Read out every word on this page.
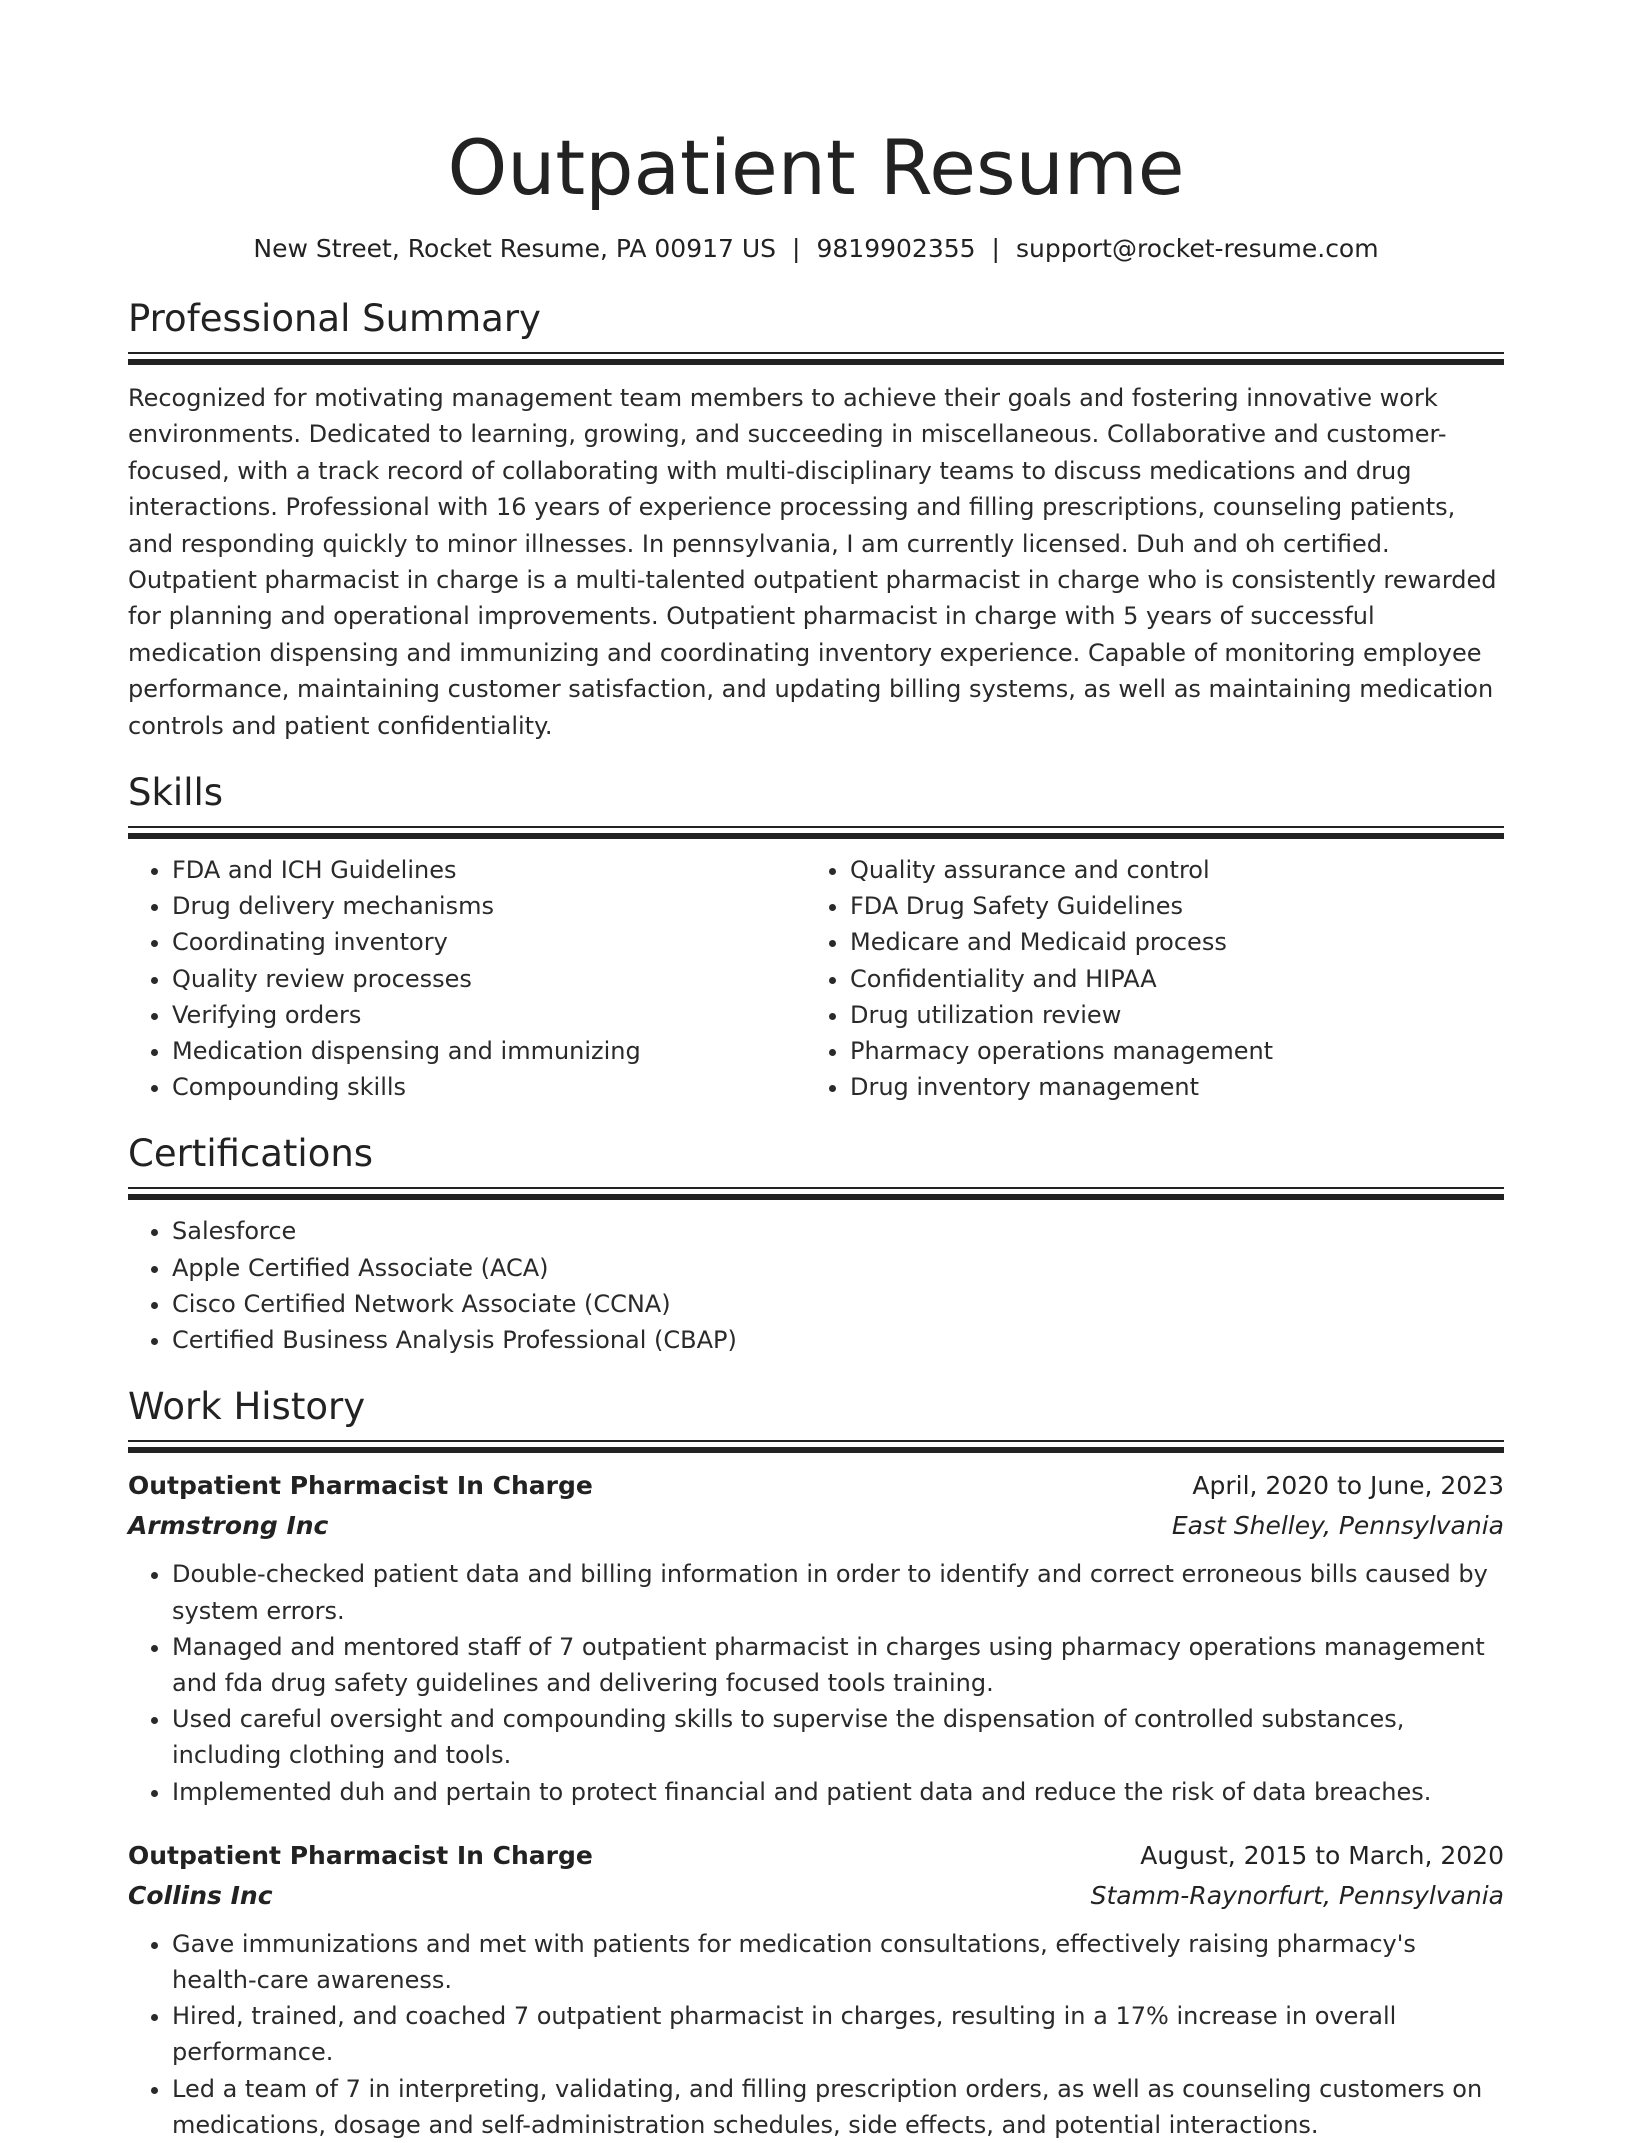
Outpatient Resume
New Street, Rocket Resume, PA 00917 US | 9819902355 | support@rocket-resume.com
Professional Summary
Recognized for motivating management team members to achieve their goals and fostering innovative work environments. Dedicated to learning, growing, and succeeding in miscellaneous. Collaborative and customer-focused, with a track record of collaborating with multi-disciplinary teams to discuss medications and drug interactions. Professional with 16 years of experience processing and filling prescriptions, counseling patients, and responding quickly to minor illnesses. In pennsylvania, I am currently licensed. Duh and oh certified. Outpatient pharmacist in charge is a multi-talented outpatient pharmacist in charge who is consistently rewarded for planning and operational improvements. Outpatient pharmacist in charge with 5 years of successful medication dispensing and immunizing and coordinating inventory experience. Capable of monitoring employee performance, maintaining customer satisfaction, and updating billing systems, as well as maintaining medication controls and patient confidentiality.
Skills
• FDA and ICH Guidelines
• Drug delivery mechanisms
• Coordinating inventory
• Quality review processes
• Verifying orders
• Medication dispensing and immunizing
• Compounding skills
• Quality assurance and control
• FDA Drug Safety Guidelines
• Medicare and Medicaid process
• Confidentiality and HIPAA
• Drug utilization review
• Pharmacy operations management
• Drug inventory management
Certifications
• Salesforce
• Apple Certified Associate (ACA)
• Cisco Certified Network Associate (CCNA)
• Certified Business Analysis Professional (CBAP)
Work History
Outpatient Pharmacist In Charge	April, 2020 to June, 2023
Armstrong Inc	East Shelley, Pennsylvania
• Double-checked patient data and billing information in order to identify and correct erroneous bills caused by system errors.
• Managed and mentored staff of 7 outpatient pharmacist in charges using pharmacy operations management and fda drug safety guidelines and delivering focused tools training.
• Used careful oversight and compounding skills to supervise the dispensation of controlled substances, including clothing and tools.
• Implemented duh and pertain to protect financial and patient data and reduce the risk of data breaches.
Outpatient Pharmacist In Charge	August, 2015 to March, 2020
Collins Inc	Stamm-Raynorfurt, Pennsylvania
• Gave immunizations and met with patients for medication consultations, effectively raising pharmacy's health-care awareness.
• Hired, trained, and coached 7 outpatient pharmacist in charges, resulting in a 17% increase in overall performance.
• Led a team of 7 in interpreting, validating, and filling prescription orders, as well as counseling customers on medications, dosage and self-administration schedules, side effects, and potential interactions.
